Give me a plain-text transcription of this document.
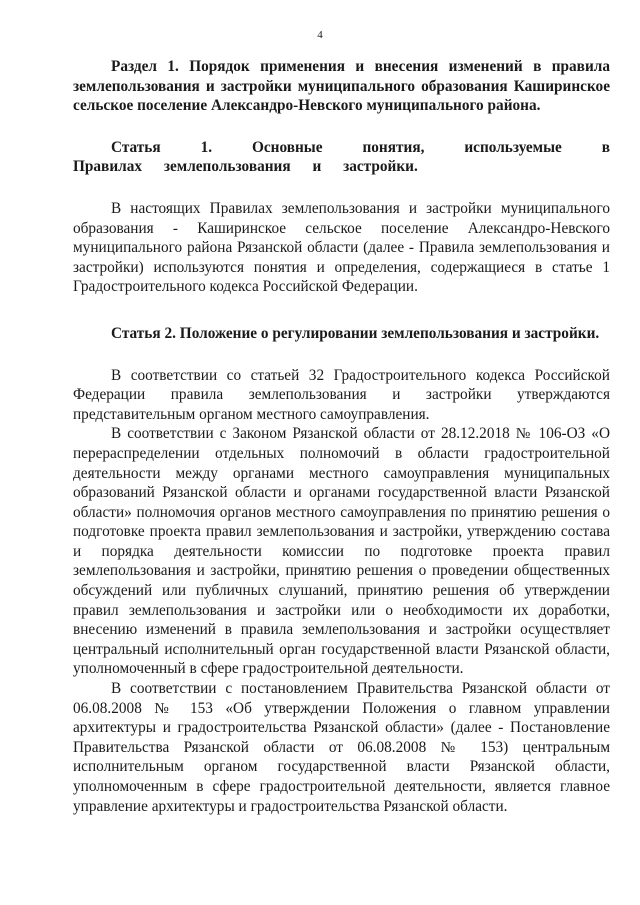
4

Раздел 1. Порядок применения и внесения изменений в правила землепользования и застройки муниципального образования Каширинское сельское поселение Александро-Невского муниципального района.

Статья 1. Основные понятия, используемые в Правилах землепользования и застройки.

В настоящих Правилах землепользования и застройки муниципального образования - Каширинское сельское поселение Александро-Невского муниципального района Рязанской области (далее - Правила землепользования и застройки) используются понятия и определения, содержащиеся в статье 1 Градостроительного кодекса Российской Федерации.

Статья 2. Положение о регулировании землепользования и застройки.

В соответствии со статьей 32 Градостроительного кодекса Российской Федерации правила землепользования и застройки утверждаются представительным органом местного самоуправления.

В соответствии с Законом Рязанской области от 28.12.2018 № 106-ОЗ «О перераспределении отдельных полномочий в области градостроительной деятельности между органами местного самоуправления муниципальных образований Рязанской области и органами государственной власти Рязанской области» полномочия органов местного самоуправления по принятию решения о подготовке проекта правил землепользования и застройки, утверждению состава и порядка деятельности комиссии по подготовке проекта правил землепользования и застройки, принятию решения о проведении общественных обсуждений или публичных слушаний, принятию решения об утверждении правил землепользования и застройки или о необходимости их доработки, внесению изменений в правила землепользования и застройки осуществляет центральный исполнительный орган государственной власти Рязанской области, уполномоченный в сфере градостроительной деятельности.

В соответствии с постановлением Правительства Рязанской области от 06.08.2008 № 153 «Об утверждении Положения о главном управлении архитектуры и градостроительства Рязанской области» (далее - Постановление Правительства Рязанской области от 06.08.2008 № 153) центральным исполнительным органом государственной власти Рязанской области, уполномоченным в сфере градостроительной деятельности, является главное управление архитектуры и градостроительства Рязанской области.
